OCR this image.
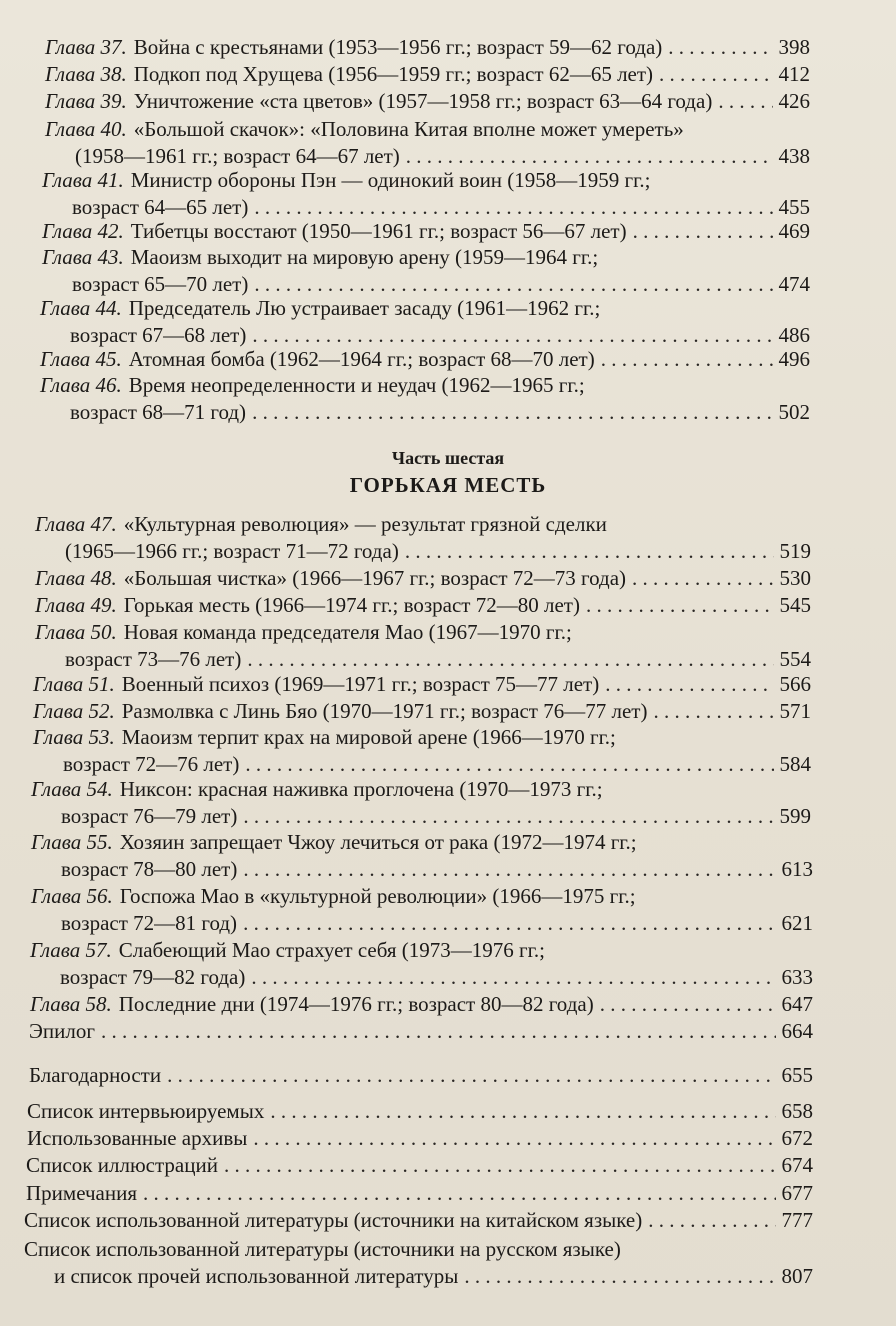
Глава 37. Война с крестьянами (1953—1956 гг.; возраст 59—62 года) . . .	398
Глава 38. Подкоп под Хрущева (1956—1959 гг.; возраст 62—65 лет) . . .	412
Глава 39. Уничтожение «ста цветов» (1957—1958 гг.; возраст 63—64 года) . . .	426
Глава 40. «Большой скачок»: «Половина Китая вполне может умереть»
(1958—1961 гг.; возраст 64—67 лет) . . .	438
Глава 41. Министр обороны Пэн — одинокий воин (1958—1959 гг.;
возраст 64—65 лет) . . .	455
Глава 42. Тибетцы восстают (1950—1961 гг.; возраст 56—67 лет) . . .	469
Глава 43. Маоизм выходит на мировую арену (1959—1964 гг.;
возраст 65—70 лет) . . .	474
Глава 44. Председатель Лю устраивает засаду (1961—1962 гг.;
возраст 67—68 лет) . . .	486
Глава 45. Атомная бомба (1962—1964 гг.; возраст 68—70 лет) . . .	496
Глава 46. Время неопределенности и неудач (1962—1965 гг.;
возраст 68—71 год) . . .	502
Глава 47. «Культурная революция» — результат грязной сделки
(1965—1966 гг.; возраст 71—72 года) . . .	519
Глава 48. «Большая чистка» (1966—1967 гг.; возраст 72—73 года) . . .	530
Глава 49. Горькая месть (1966—1974 гг.; возраст 72—80 лет) . . .	545
Глава 50. Новая команда председателя Мао (1967—1970 гг.;
возраст 73—76 лет) . . .	554
Глава 51. Военный психоз (1969—1971 гг.; возраст 75—77 лет) . . .	566
Глава 52. Размолвка с Линь Бяо (1970—1971 гг.; возраст 76—77 лет) . . .	571
Глава 53. Маоизм терпит крах на мировой арене (1966—1970 гг.;
возраст 72—76 лет) . . .	584
Глава 54. Никсон: красная наживка проглочена (1970—1973 гг.;
возраст 76—79 лет) . . .	599
Глава 55. Хозяин запрещает Чжоу лечиться от рака (1972—1974 гг.;
возраст 78—80 лет) . . .	613
Глава 56. Госпожа Мао в «культурной революции» (1966—1975 гг.;
возраст 72—81 год) . . .	621
Глава 57. Слабеющий Мао страхует себя (1973—1976 гг.;
возраст 79—82 года) . . .	633
Глава 58. Последние дни (1974—1976 гг.; возраст 80—82 года) . . .	647
Эпилог . . .	664
Благодарности . . .	655
Список интервьюируемых . . .	658
Использованные архивы . . .	672
Список иллюстраций . . .	674
Примечания . . .	677
Список использованной литературы (источники на китайском языке) . . .	777
Список использованной литературы (источники на русском языке)
и список прочей использованной литературы . . .	807
Часть шестая
ГОРЬКАЯ МЕСТЬ
